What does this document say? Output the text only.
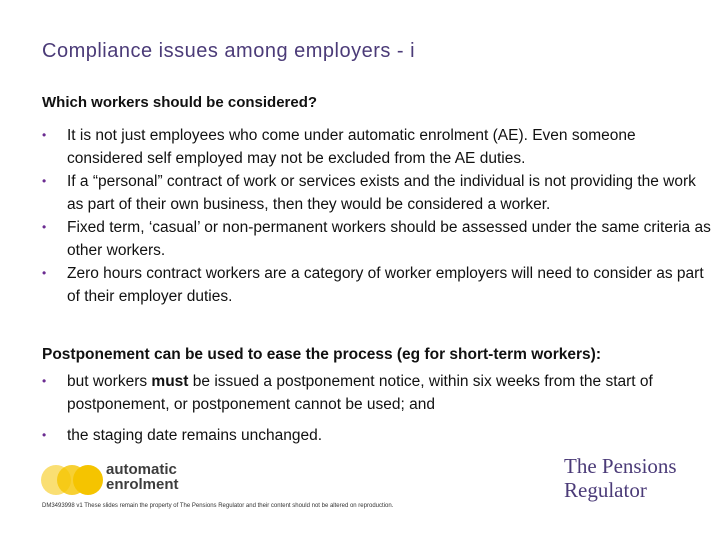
Compliance issues among employers - i
Which workers should be considered?
• It is not just employees who come under automatic enrolment (AE). Even someone considered self employed may not be excluded from the AE duties.
• If a “personal” contract of work or services exists and the individual is not providing the work as part of their own business, then they would be considered a worker.
• Fixed term, ‘casual’ or non-permanent workers should be assessed under the same criteria as other workers.
• Zero hours contract workers are a category of worker employers will need to consider as part of their employer duties.
Postponement can be used to ease the process (eg for short-term workers):
• but workers must be issued a postponement notice, within six weeks from the start of postponement, or postponement cannot be used; and
• the staging date remains unchanged.
automatic
enrolment
The Pensions
Regulator
DM3493998 v1 These slides remain the property of The Pensions Regulator and their content should not be altered on reproduction.
